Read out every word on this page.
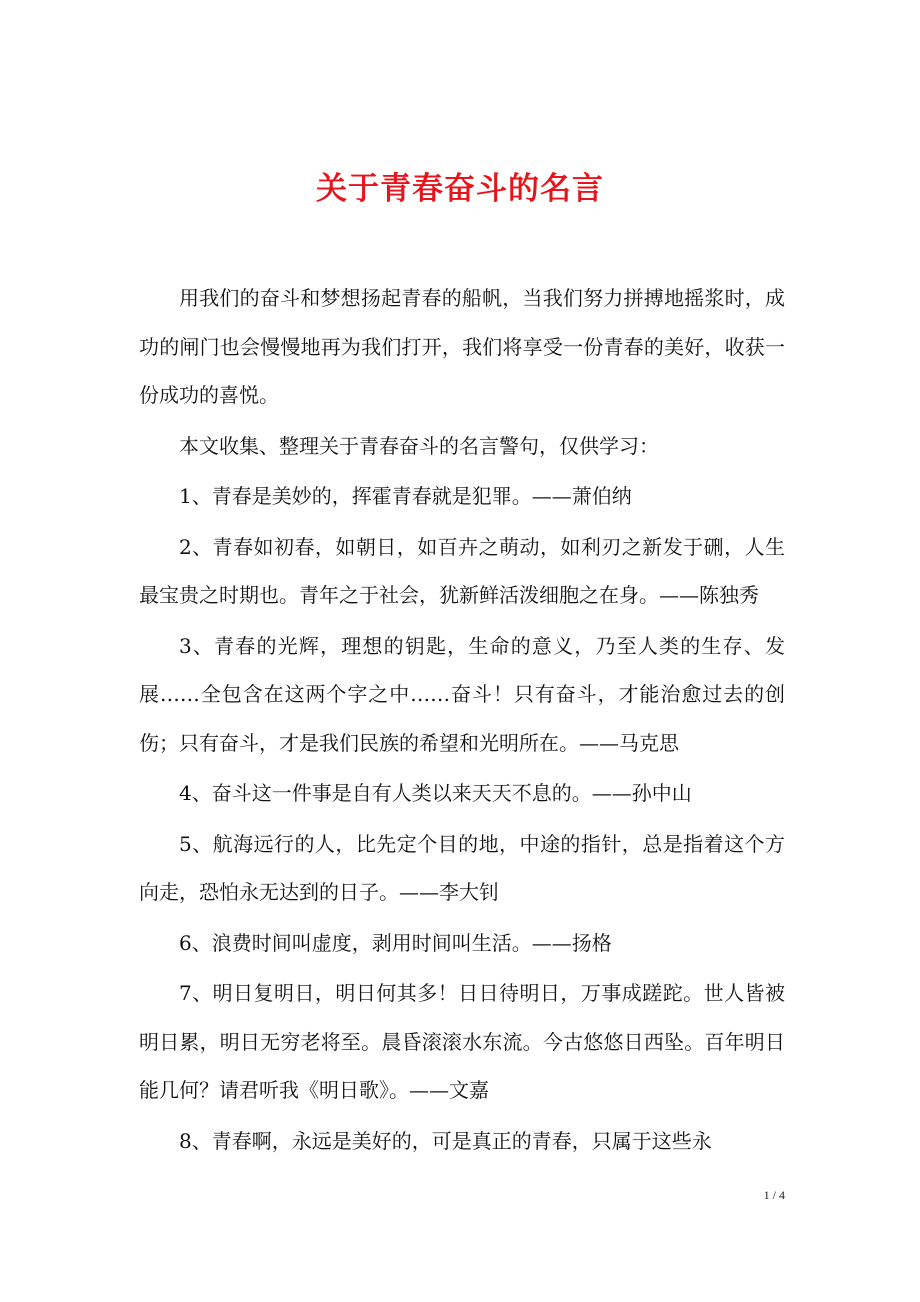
关于青春奋斗的名言

用我们的奋斗和梦想扬起青春的船帆，当我们努力拼搏地摇浆时，成功的闸门也会慢慢地再为我们打开，我们将享受一份青春的美好，收获一份成功的喜悦。

本文收集、整理关于青春奋斗的名言警句，仅供学习：

1、青春是美妙的，挥霍青春就是犯罪。——萧伯纳

2、青春如初春，如朝日，如百卉之萌动，如利刃之新发于硎，人生最宝贵之时期也。青年之于社会，犹新鲜活泼细胞之在身。——陈独秀

3、青春的光辉，理想的钥匙，生命的意义，乃至人类的生存、发展……全包含在这两个字之中……奋斗！只有奋斗，才能治愈过去的创伤；只有奋斗，才是我们民族的希望和光明所在。——马克思

4、奋斗这一件事是自有人类以来天天不息的。——孙中山

5、航海远行的人，比先定个目的地，中途的指针，总是指着这个方向走，恐怕永无达到的日子。——李大钊

6、浪费时间叫虚度，剥用时间叫生活。——扬格

7、明日复明日，明日何其多！日日待明日，万事成蹉跎。世人皆被明日累，明日无穷老将至。晨昏滚滚水东流。今古悠悠日西坠。百年明日能几何？请君听我《明日歌》。——文嘉

8、青春啊，永远是美好的，可是真正的青春，只属于这些永

1 / 4
